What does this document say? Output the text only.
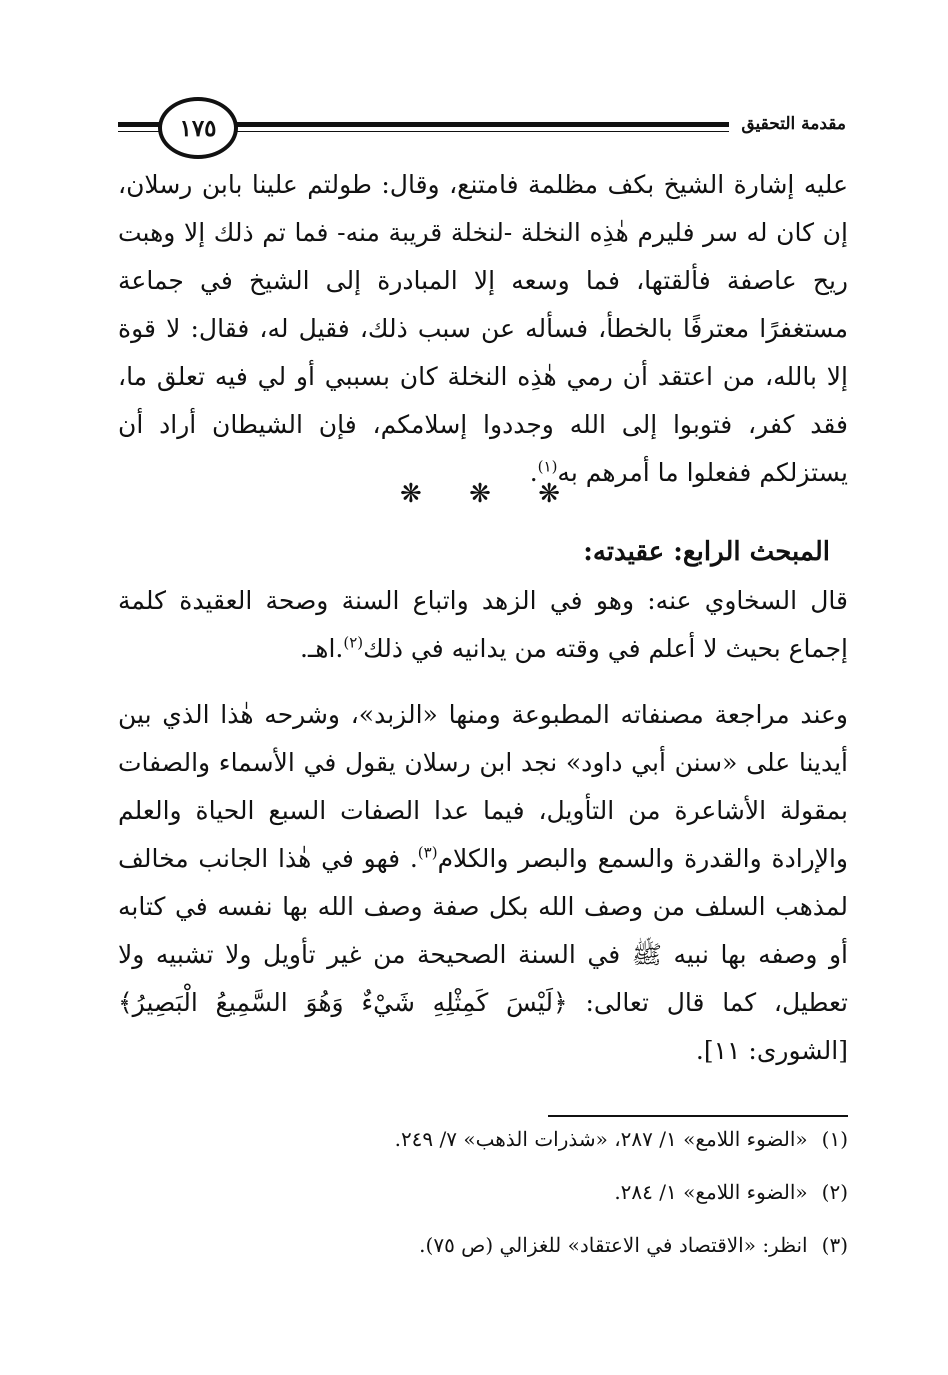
مقدمة التحقيق
١٧٥
عليه إشارة الشيخ بكف مظلمة فامتنع، وقال: طولتم علينا بابن رسلان، إن كان له سر فليرم هٰذِه النخلة -لنخلة قريبة منه- فما تم ذلك إلا وهبت ريح عاصفة فألقتها، فما وسعه إلا المبادرة إلى الشيخ في جماعة مستغفرًا معترفًا بالخطأ، فسأله عن سبب ذلك، فقيل له، فقال: لا قوة إلا بالله، من اعتقد أن رمي هٰذِه النخلة كان بسببي أو لي فيه تعلق ما، فقد كفر، فتوبوا إلى الله وجددوا إسلامكم، فإن الشيطان أراد أن يستزلكم ففعلوا ما أمرهم به$^{(١)}$.
❋
❋
❋
المبحث الرابع: عقيدته:
قال السخاوي عنه: وهو في الزهد واتباع السنة وصحة العقيدة كلمة إجماع بحيث لا أعلم في وقته من يدانيه في ذلك$^{(٢)}$.اهـ.
وعند مراجعة مصنفاته المطبوعة ومنها «الزبد»، وشرحه هٰذا الذي بين أيدينا على «سنن أبي داود» نجد ابن رسلان يقول في الأسماء والصفات بمقولة الأشاعرة من التأويل، فيما عدا الصفات السبع الحياة والعلم والإرادة والقدرة والسمع والبصر والكلام$^{(٣)}$. فهو في هٰذا الجانب مخالف لمذهب السلف من وصف الله بكل صفة وصف الله بها نفسه في كتابه أو وصفه بها نبيه ﷺ في السنة الصحيحة من غير تأويل ولا تشبيه ولا تعطيل، كما قال تعالى: ﴿لَيْسَ كَمِثْلِهِ شَيْءٌ وَهُوَ السَّمِيعُ الْبَصِيرُ﴾ [الشورى: ١١].
(١)«الضوء اللامع» ١/ ٢٨٧، «شذرات الذهب» ٧/ ٢٤٩.
(٢)«الضوء اللامع» ١/ ٢٨٤.
(٣)انظر: «الاقتصاد في الاعتقاد» للغزالي (ص ٧٥).
